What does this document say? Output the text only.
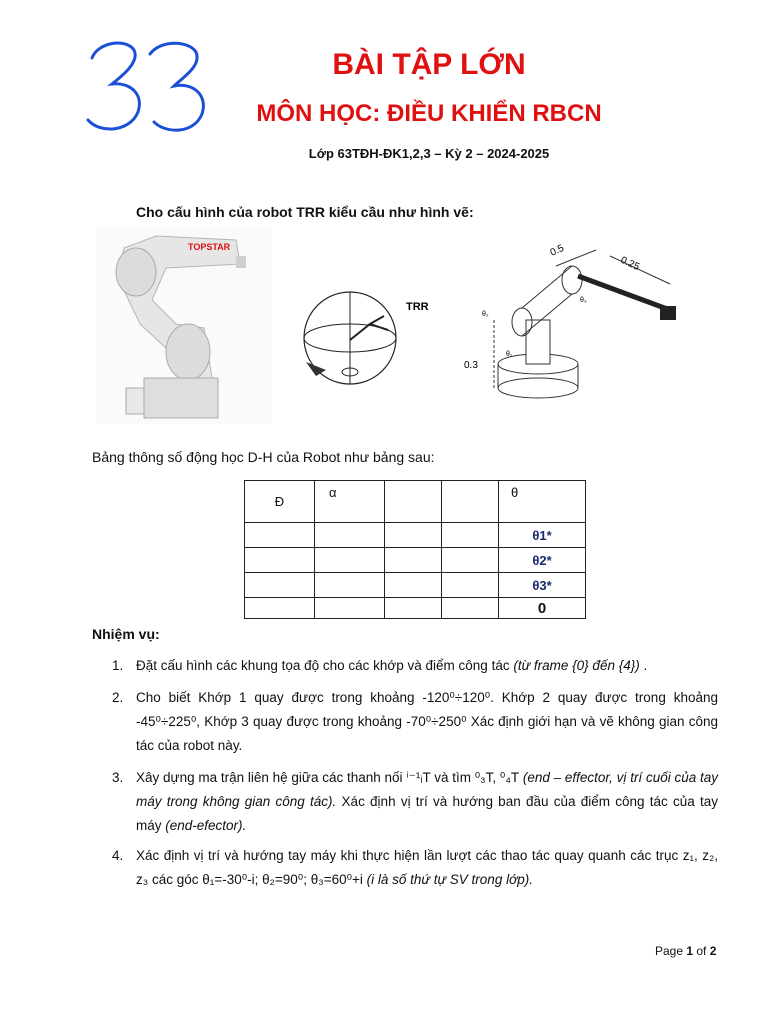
BÀI TẬP LỚN
MÔN HỌC: ĐIỀU KHIỂN RBCN
Lớp 63TĐH-ĐK1,2,3 – Kỳ 2 – 2024-2025
Cho cấu hình của robot TRR kiểu cầu như hình vẽ:
TOPSTAR
TRR
0.5
0.25
0.3
θ₂
θ₁
θ₃
Bảng thông số động học D-H của Robot như bảng sau:
Đ	α			θ
				θ1*
				θ2*
				θ3*
				0
Nhiệm vụ:
1. Đặt cấu hình các khung tọa độ cho các khớp và điểm công tác (từ frame {0} đến {4}) .
2. Cho biết Khớp 1 quay được trong khoảng -120⁰÷120⁰. Khớp 2 quay được trong khoảng -45⁰÷225⁰, Khớp 3 quay được trong khoảng -70⁰÷250⁰ Xác định giới hạn và vẽ không gian công tác của robot này.
3. Xây dựng ma trận liên hệ giữa các thanh nối ⁱ⁻¹ᵢT và tìm ⁰₃T, ⁰₄T (end – effector, vị trí cuối của tay máy trong không gian công tác). Xác định vị trí và hướng ban đầu của điểm công tác của tay máy (end-efector).
4. Xác định vị trí và hướng tay máy khi thực hiện lần lượt các thao tác quay quanh các trục z₁, z₂, z₃ các góc θ₁=-30⁰-i; θ₂=90⁰; θ₃=60⁰+i (i là số thứ tự SV trong lớp).
Page 1 of 2
